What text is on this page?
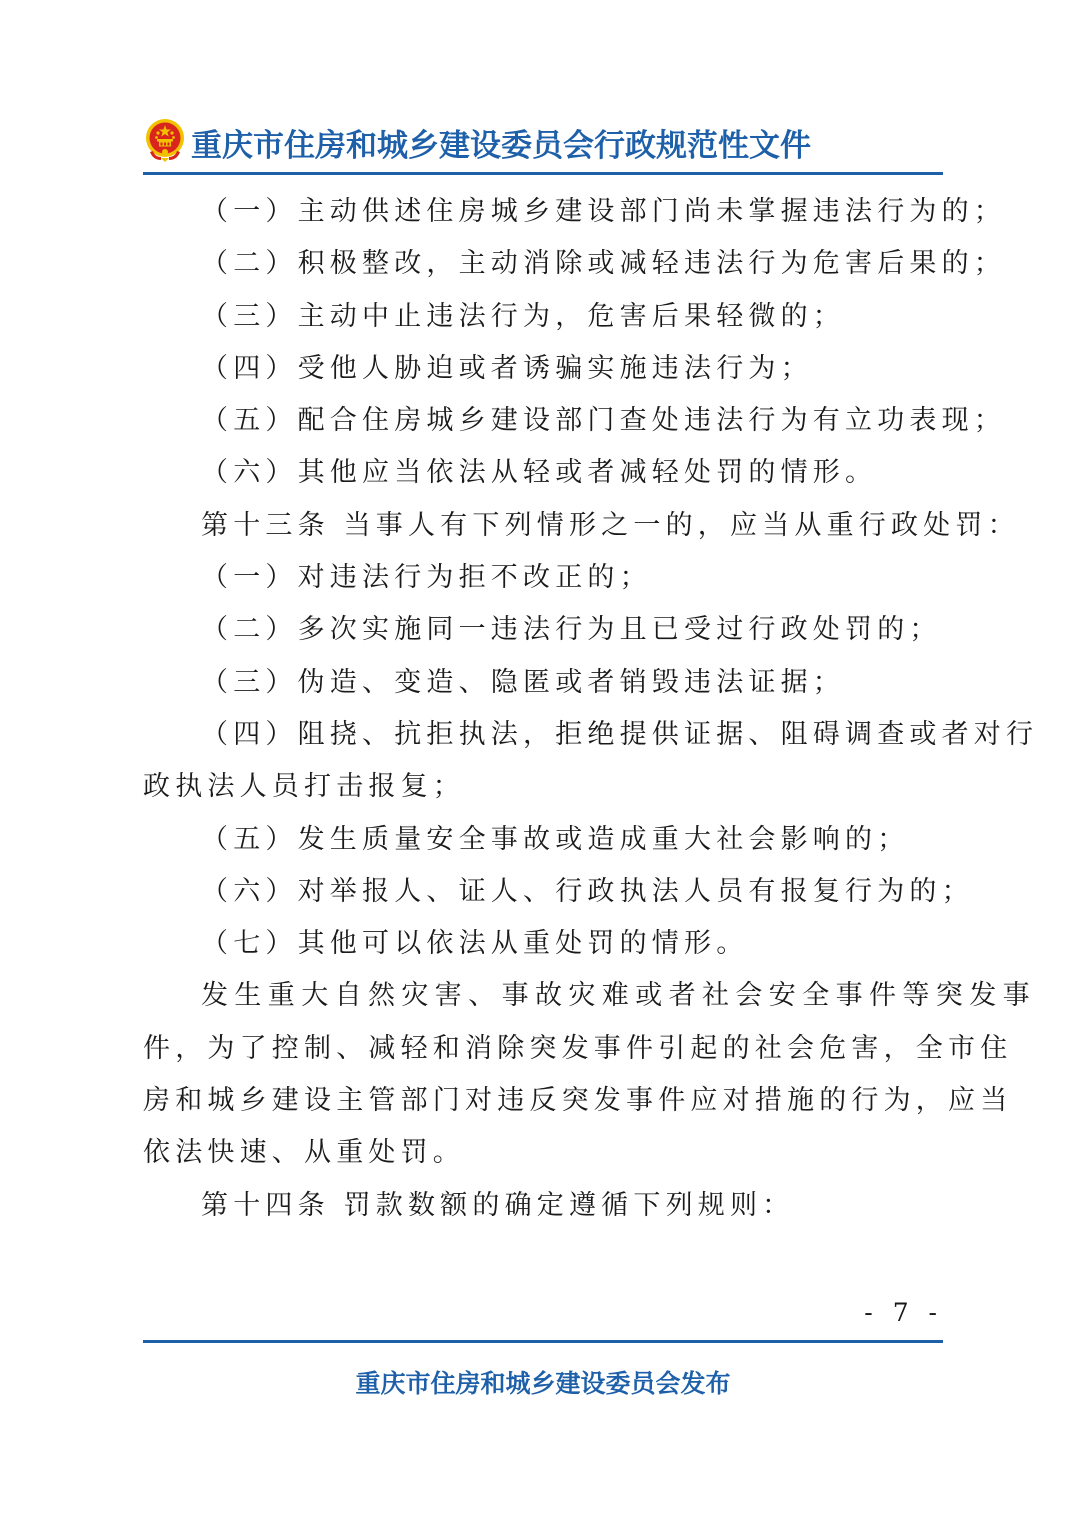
重庆市住房和城乡建设委员会行政规范性文件
（一）主动供述住房城乡建设部门尚未掌握违法行为的；
（二）积极整改，主动消除或减轻违法行为危害后果的；
（三）主动中止违法行为，危害后果轻微的；
（四）受他人胁迫或者诱骗实施违法行为；
（五）配合住房城乡建设部门查处违法行为有立功表现；
（六）其他应当依法从轻或者减轻处罚的情形。
第十三条 当事人有下列情形之一的，应当从重行政处罚：
（一）对违法行为拒不改正的；
（二）多次实施同一违法行为且已受过行政处罚的；
（三）伪造、变造、隐匿或者销毁违法证据；
（四）阻挠、抗拒执法，拒绝提供证据、阻碍调查或者对行
政执法人员打击报复；
（五）发生质量安全事故或造成重大社会影响的；
（六）对举报人、证人、行政执法人员有报复行为的；
（七）其他可以依法从重处罚的情形。
发生重大自然灾害、事故灾难或者社会安全事件等突发事
件，为了控制、减轻和消除突发事件引起的社会危害，全市住
房和城乡建设主管部门对违反突发事件应对措施的行为，应当
依法快速、从重处罚。
第十四条 罚款数额的确定遵循下列规则：
- 7 -
重庆市住房和城乡建设委员会发布
